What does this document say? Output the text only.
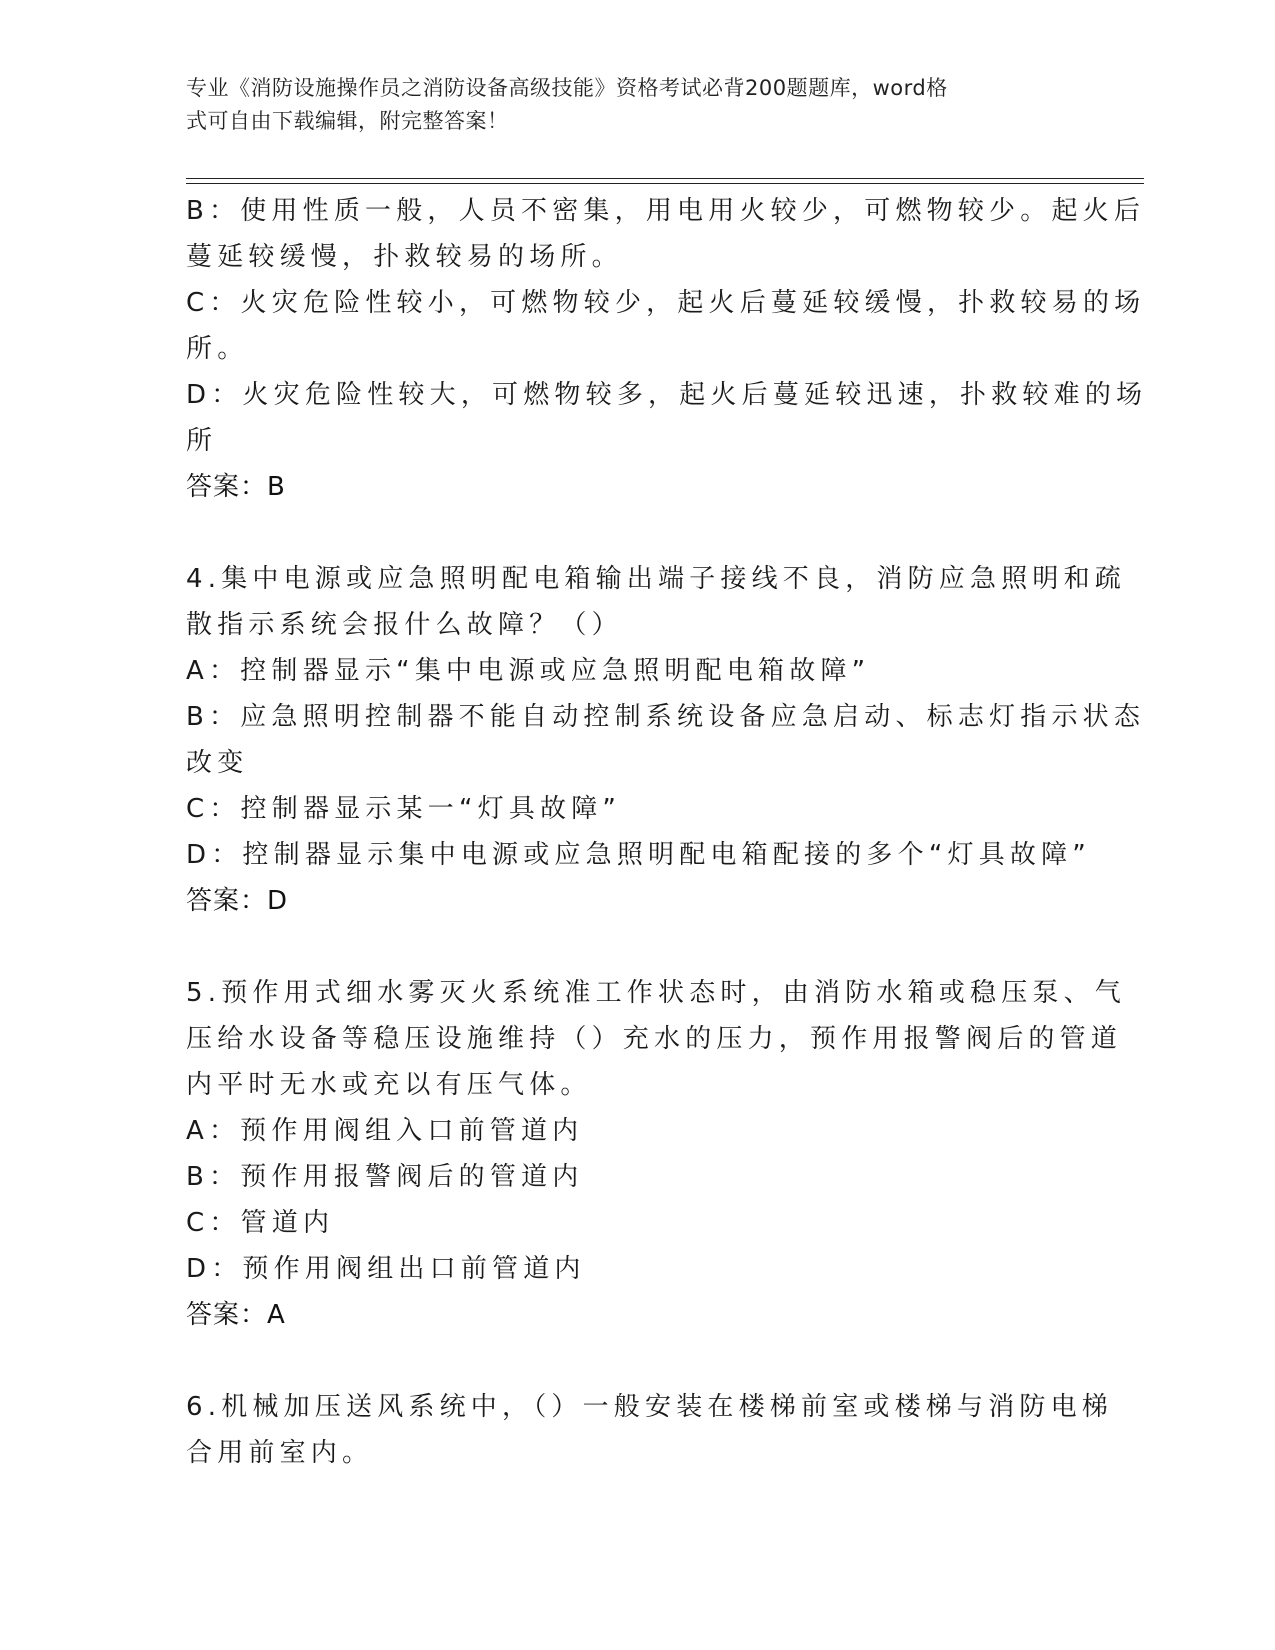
专业《消防设施操作员之消防设备高级技能》资格考试必背200题题库，word格
式可自由下载编辑，附完整答案！
B：使用性质一般，人员不密集，用电用火较少，可燃物较少。起火后
蔓延较缓慢，扑救较易的场所。
C：火灾危险性较小，可燃物较少，起火后蔓延较缓慢，扑救较易的场
所。
D：火灾危险性较大，可燃物较多，起火后蔓延较迅速，扑救较难的场
所
答案：B
4.集中电源或应急照明配电箱输出端子接线不良，消防应急照明和疏
散指示系统会报什么故障？（）
A：控制器显示“集中电源或应急照明配电箱故障”
B：应急照明控制器不能自动控制系统设备应急启动、标志灯指示状态
改变
C：控制器显示某一“灯具故障”
D：控制器显示集中电源或应急照明配电箱配接的多个“灯具故障”
答案：D
5.预作用式细水雾灭火系统准工作状态时，由消防水箱或稳压泵、气
压给水设备等稳压设施维持（）充水的压力，预作用报警阀后的管道
内平时无水或充以有压气体。
A：预作用阀组入口前管道内
B：预作用报警阀后的管道内
C：管道内
D：预作用阀组出口前管道内
答案：A
6.机械加压送风系统中，（）一般安装在楼梯前室或楼梯与消防电梯
合用前室内。
